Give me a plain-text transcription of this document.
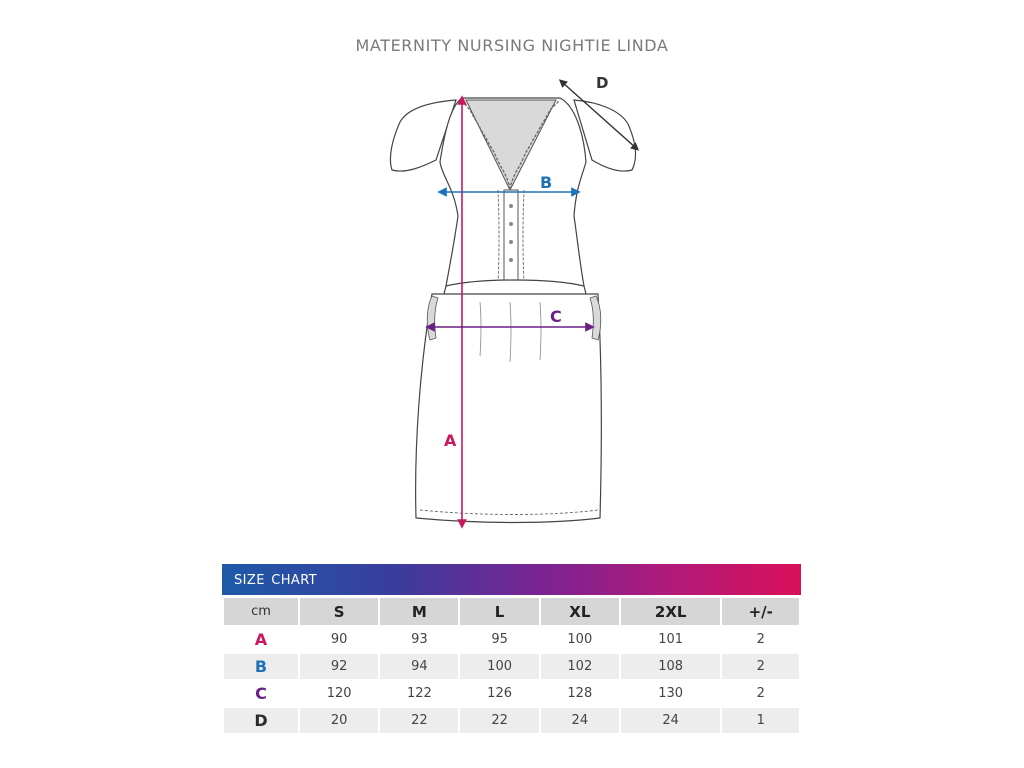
MATERNITY NURSING NIGHTIE LINDA
A
B
C
D
size chart
cm	S	M	L	XL	2XL	+/-
A	90	93	95	100	101	2
B	92	94	100	102	108	2
C	120	122	126	128	130	2
D	20	22	22	24	24	1
